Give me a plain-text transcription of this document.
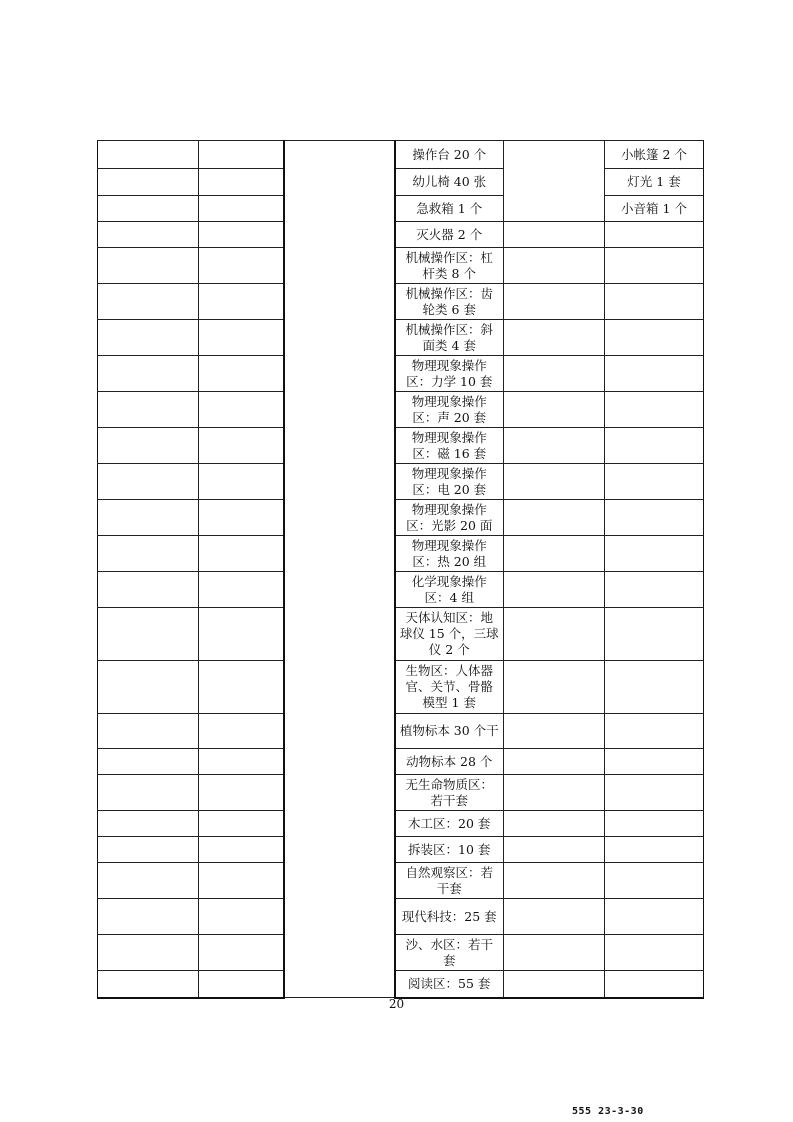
			操作台 20 个		小帐篷 2 个
			幼儿椅 40 张		灯光 1 套
			急救箱 1 个		小音箱 1 个
			灭火器 2 个		
			机械操作区：杠杆类 8 个		
			机械操作区：齿轮类 6 套		
			机械操作区：斜面类 4 套		
			物理现象操作区：力学 10 套		
			物理现象操作区：声 20 套		
			物理现象操作区：磁 16 套		
			物理现象操作区：电 20 套		
			物理现象操作区：光影 20 面		
			物理现象操作区：热 20 组		
			化学现象操作区：4 组		
			天体认知区：地球仪 15 个，三球仪 2 个		
			生物区：人体器官、关节、骨骼模型 1 套		
			植物标本 30 个干		
			动物标本 28 个		
			无生命物质区：若干套		
			木工区：20 套		
			拆装区：10 套		
			自然观察区：若干套		
			现代科技：25 套		
			沙、水区：若干套		
			阅读区：55 套		
20
555 23-3-30
